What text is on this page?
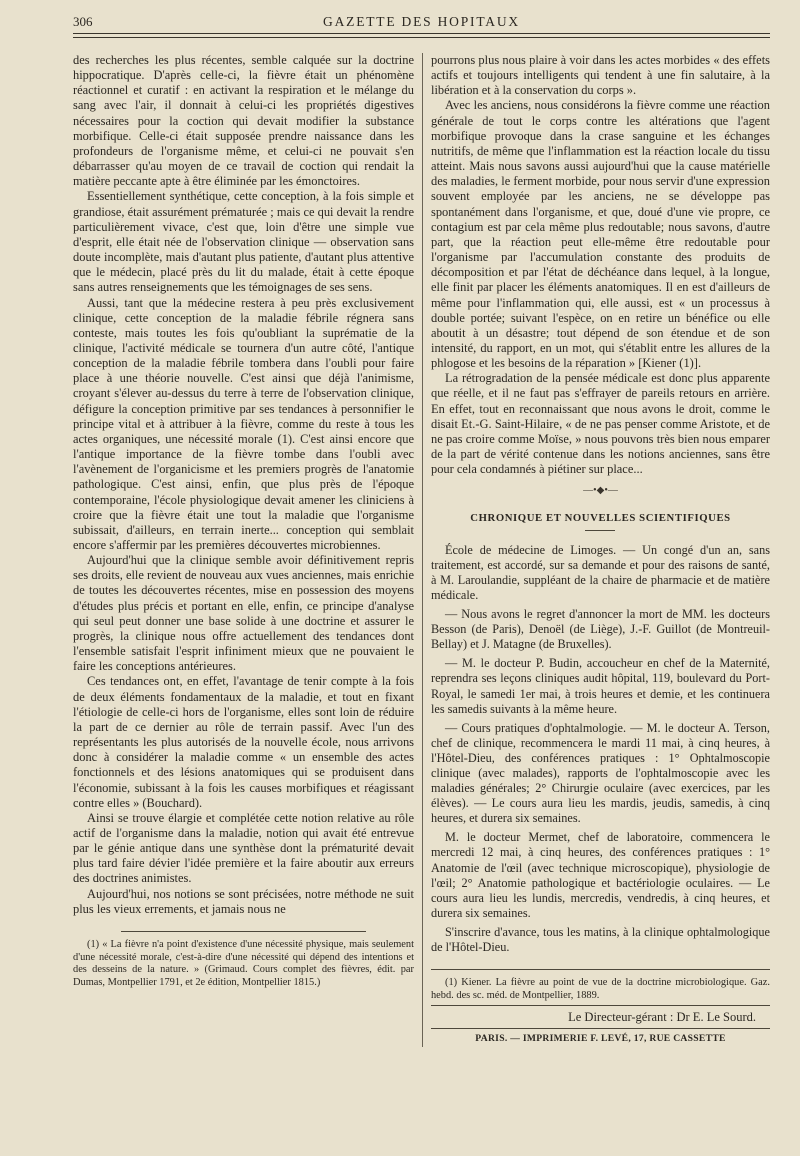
306	GAZETTE DES HOPITAUX

des recherches les plus récentes, semble calquée sur la doctrine hippocratique. D'après celle-ci, la fièvre était un phénomène réactionnel et curatif : en activant la respiration et le mélange du sang avec l'air, il donnait à celui-ci les propriétés digestives nécessaires pour la coction qui devait modifier la substance morbifique. Celle-ci était supposée prendre naissance dans les profondeurs de l'organisme même, et celui-ci ne pouvait s'en débarrasser qu'au moyen de ce travail de coction qui rendait la matière peccante apte à être éliminée par les émonctoires.

Essentiellement synthétique, cette conception, à la fois simple et grandiose, était assurément prématurée ; mais ce qui devait la rendre particulièrement vivace, c'est que, loin d'être une simple vue d'esprit, elle était née de l'observation clinique — observation sans doute incomplète, mais d'autant plus patiente, d'autant plus attentive que le médecin, placé près du lit du malade, était à cette époque sans autres renseignements que les témoignages de ses sens.

Aussi, tant que la médecine restera à peu près exclusivement clinique, cette conception de la maladie fébrile régnera sans conteste, mais toutes les fois qu'oubliant la suprématie de la clinique, l'activité médicale se tournera d'un autre côté, l'antique conception de la maladie fébrile tombera dans l'oubli pour faire place à une théorie nouvelle. C'est ainsi que déjà l'animisme, croyant s'élever au-dessus du terre à terre de l'observation clinique, défigure la conception primitive par ses tendances à personnifier le principe vital et à attribuer à la fièvre, comme du reste à tous les actes organiques, une nécessité morale (1). C'est ainsi encore que l'antique importance de la fièvre tombe dans l'oubli avec l'avènement de l'organicisme et les premiers progrès de l'anatomie pathologique. C'est ainsi, enfin, que plus près de l'époque contemporaine, l'école physiologique devait amener les cliniciens à croire que la fièvre était une tout la maladie que l'organisme subissait, d'ailleurs, en terrain inerte... conception qui semblait encore s'affermir par les premières découvertes microbiennes.

Aujourd'hui que la clinique semble avoir définitivement repris ses droits, elle revient de nouveau aux vues anciennes, mais enrichie de toutes les découvertes récentes, mise en possession des moyens d'études plus précis et portant en elle, enfin, ce principe d'analyse qui seul peut donner une base solide à une doctrine et assurer le progrès, la clinique nous offre actuellement des tendances dont l'ensemble satisfait l'esprit infiniment mieux que ne pouvaient le faire les conceptions antérieures.

Ces tendances ont, en effet, l'avantage de tenir compte à la fois de deux éléments fondamentaux de la maladie, et tout en fixant l'étiologie de celle-ci hors de l'organisme, elles sont loin de réduire la part de ce dernier au rôle de terrain passif. Avec l'un des représentants les plus autorisés de la nouvelle école, nous arrivons donc à considérer la maladie comme « un ensemble des actes fonctionnels et des lésions anatomiques qui se produisent dans l'économie, subissant à la fois les causes morbifiques et réagissant contre elles » (Bouchard).

Ainsi se trouve élargie et complétée cette notion relative au rôle actif de l'organisme dans la maladie, notion qui avait été entrevue par le génie antique dans une synthèse dont la prématurité devait plus tard faire dévier l'idée première et la faire aboutir aux erreurs des doctrines animistes.

Aujourd'hui, nos notions se sont précisées, notre méthode ne suit plus les vieux errements, et jamais nous ne

(1) « La fièvre n'a point d'existence d'une nécessité physique, mais seulement d'une nécessité morale, c'est-à-dire d'une nécessité qui dépend des intentions et des desseins de la nature. » (Grimaud. Cours complet des fièvres, édit. par Dumas, Montpellier 1791, et 2e édition, Montpellier 1815.)

pourrons plus nous plaire à voir dans les actes morbides « des effets actifs et toujours intelligents qui tendent à une fin salutaire, à la libération et à la conservation du corps ».

Avec les anciens, nous considérons la fièvre comme une réaction générale de tout le corps contre les altérations que l'agent morbifique provoque dans la crase sanguine et les échanges nutritifs, de même que l'inflammation est la réaction locale du tissu atteint. Mais nous savons aussi aujourd'hui que la cause matérielle des maladies, le ferment morbide, pour nous servir d'une expression souvent employée par les anciens, ne se développe pas spontanément dans l'organisme, et que, doué d'une vie propre, ce contagium est par cela même plus redoutable; nous savons, d'autre part, que la réaction peut elle-même être redoutable pour l'organisme par l'accumulation constante des produits de décomposition et par l'état de déchéance dans lequel, à la longue, elle finit par placer les éléments anatomiques. Il en est d'ailleurs de même pour l'inflammation qui, elle aussi, est « un processus à double portée; suivant l'espèce, on en retire un bénéfice ou elle aboutit à un désastre; tout dépend de son étendue et de son intensité, du rapport, en un mot, qui s'établit entre les allures de la phlogose et les besoins de la réparation » [Kiener (1)].

La rétrogradation de la pensée médicale est donc plus apparente que réelle, et il ne faut pas s'effrayer de pareils retours en arrière. En effet, tout en reconnaissant que nous avons le droit, comme le disait Et.-G. Saint-Hilaire, « de ne pas penser comme Aristote, et de ne pas croire comme Moïse, » nous pouvons très bien nous emparer de la part de vérité contenue dans les notions anciennes, sans être pour cela condamnés à piétiner sur place...

—•◆•—
CHRONIQUE ET NOUVELLES SCIENTIFIQUES

École de médecine de Limoges. — Un congé d'un an, sans traitement, est accordé, sur sa demande et pour des raisons de santé, à M. Laroulandie, suppléant de la chaire de pharmacie et de matière médicale.

— Nous avons le regret d'annoncer la mort de MM. les docteurs Besson (de Paris), Denoël (de Liège), J.-F. Guillot (de Montreuil-Bellay) et J. Matagne (de Bruxelles).

— M. le docteur P. Budin, accoucheur en chef de la Maternité, reprendra ses leçons cliniques audit hôpital, 119, boulevard du Port-Royal, le samedi 1er mai, à trois heures et demie, et les continuera les samedis suivants à la même heure.

— Cours pratiques d'ophtalmologie. — M. le docteur A. Terson, chef de clinique, recommencera le mardi 11 mai, à cinq heures, à l'Hôtel-Dieu, des conférences pratiques : 1° Ophtalmoscopie clinique (avec malades), rapports de l'ophtalmoscopie avec les maladies générales; 2° Chirurgie oculaire (avec exercices, par les élèves). — Le cours aura lieu les mardis, jeudis, samedis, à cinq heures, et durera six semaines.

M. le docteur Mermet, chef de laboratoire, commencera le mercredi 12 mai, à cinq heures, des conférences pratiques : 1° Anatomie de l'œil (avec technique microscopique), physiologie de l'œil; 2° Anatomie pathologique et bactériologie oculaires. — Le cours aura lieu les lundis, mercredis, vendredis, à cinq heures, et durera six semaines.

S'inscrire d'avance, tous les matins, à la clinique ophtalmologique de l'Hôtel-Dieu.

(1) Kiener. La fièvre au point de vue de la doctrine microbiologique. Gaz. hebd. des sc. méd. de Montpellier, 1889.

Le Directeur-gérant : Dr E. Le Sourd.
PARIS. — IMPRIMERIE F. LEVÉ, 17, RUE CASSETTE
